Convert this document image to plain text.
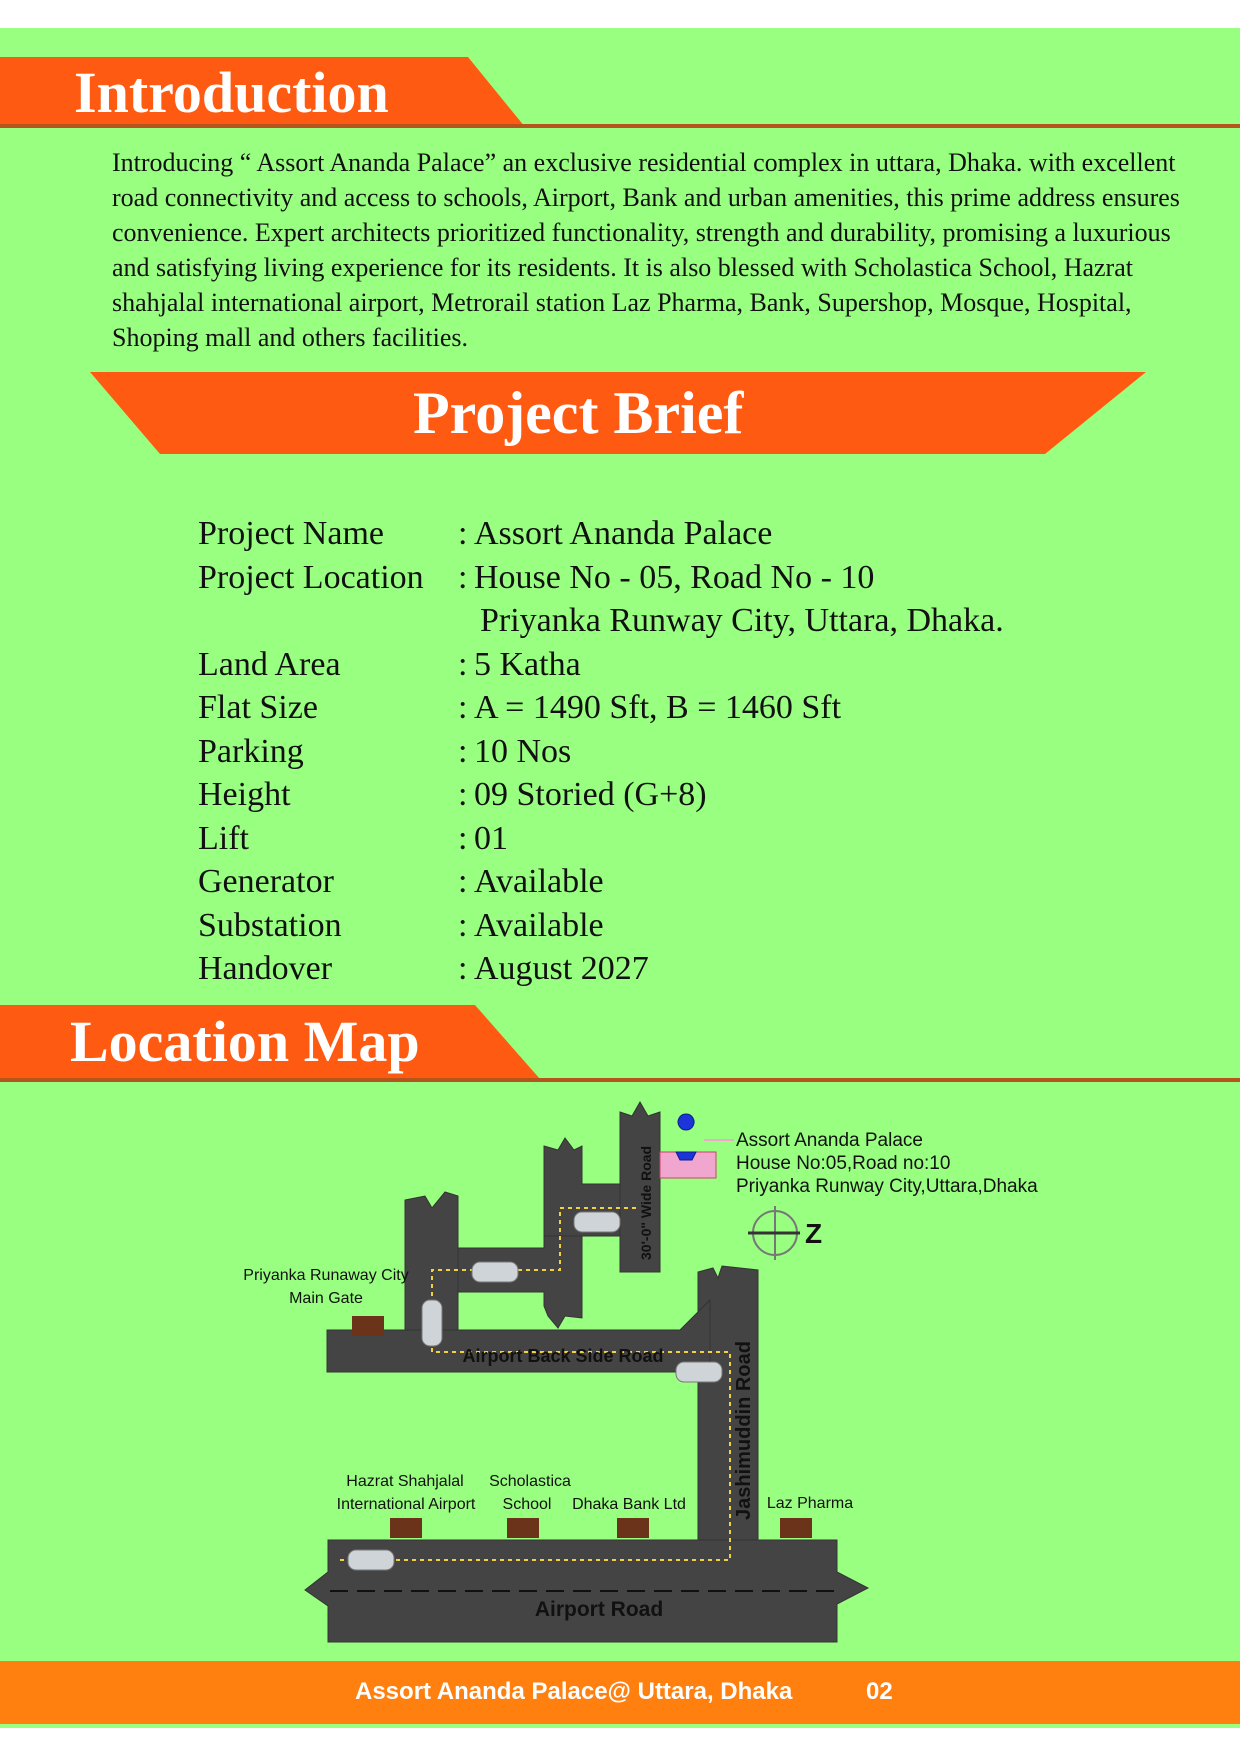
Introduction

Introducing “ Assort Ananda Palace” an exclusive residential complex in uttara, Dhaka. with excellent road connectivity and access to schools, Airport, Bank and urban amenities, this prime address ensures convenience. Expert architects prioritized functionality, strength and durability, promising a luxurious and satisfying living experience for its residents. It is also blessed with Scholastica School, Hazrat shahjalal international airport, Metrorail station Laz Pharma, Bank, Supershop, Mosque, Hospital, Shoping mall and others facilities.

Project Brief
Project Name	: Assort Ananda Palace
Project Location	: House No - 05, Road No - 10
Priyanka Runway City, Uttara, Dhaka.
Land Area	: 5 Katha
Flat Size	: A = 1490 Sft, B = 1460 Sft
Parking	: 10 Nos
Height	: 09 Storied (G+8)
Lift	: 01
Generator	: Available
Substation	: Available
Handover	: August 2027
Location Map
Z
Assort Ananda Palace
House No:05,Road no:10
Priyanka Runway City,Uttara,Dhaka
Priyanka Runaway City
Main Gate
30'-0" Wide Road
Airport Back Side Road	Jashimuddin Road
Airport Road
Hazrat Shahjalal
International Airport
Scholastica
School Dhaka Bank Ltd	Laz Pharma
Assort Ananda Palace@ Uttara, Dhaka	02
